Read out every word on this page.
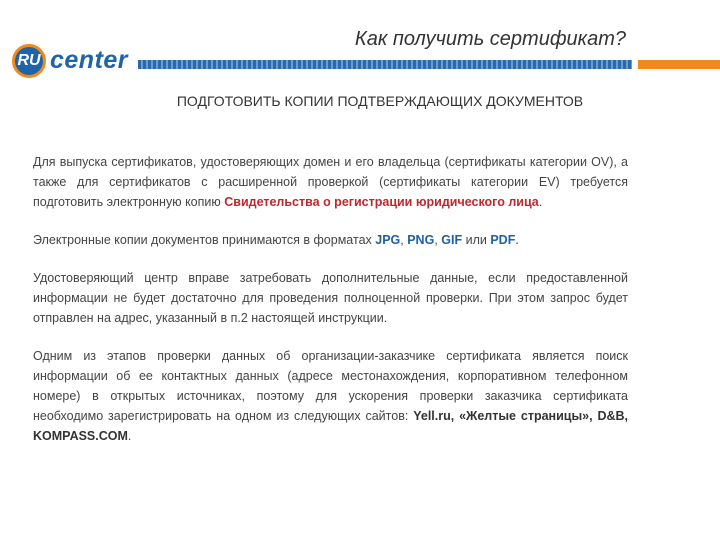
Как получить сертификат?
RU center
ПОДГОТОВИТЬ КОПИИ ПОДТВЕРЖДАЮЩИХ ДОКУМЕНТОВ

Для выпуска сертификатов, удостоверяющих домен и его владельца (сертификаты категории OV), а также для сертификатов с расширенной проверкой (сертификаты категории EV) требуется подготовить электронную копию Свидетельства о регистрации юридического лица.

Электронные копии документов принимаются в форматах JPG, PNG, GIF или PDF.

Удостоверяющий центр вправе затребовать дополнительные данные, если предоставленной информации не будет достаточно для проведения полноценной проверки. При этом запрос будет отправлен на адрес, указанный в п.2 настоящей инструкции.

Одним из этапов проверки данных об организации-заказчике сертификата является поиск информации об ее контактных данных (адресе местонахождения, корпоративном телефонном номере) в открытых источниках, поэтому для ускорения проверки заказчика сертификата необходимо зарегистрировать на одном из следующих сайтов: Yell.ru, «Желтые страницы», D&B, KOMPASS.COM.
